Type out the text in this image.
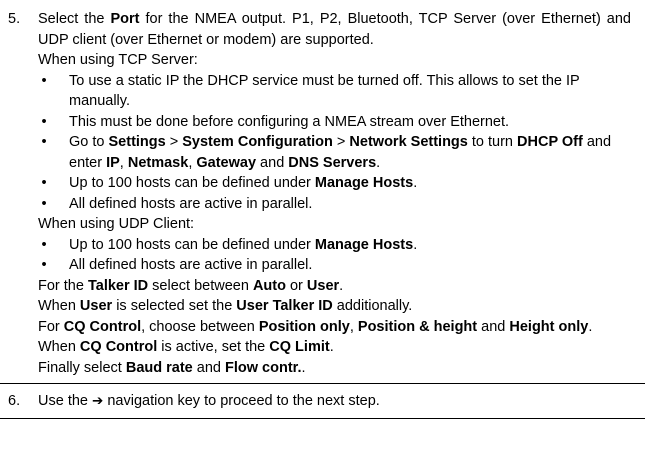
5.	Select the Port for the NMEA output. P1, P2, Bluetooth, TCP Server (over Ethernet) and UDP client (over Ethernet or modem) are supported.

When using TCP Server:

• To use a static IP the DHCP service must be turned off. This allows to set the IP manually.
• This must be done before configuring a NMEA stream over Ethernet.
• Go to Settings > System Configuration > Network Settings to turn DHCP Off and enter IP, Netmask, Gateway and DNS Servers.
• Up to 100 hosts can be defined under Manage Hosts.
• All defined hosts are active in parallel.

When using UDP Client:

• Up to 100 hosts can be defined under Manage Hosts.
• All defined hosts are active in parallel.

For the Talker ID select between Auto or User.

When User is selected set the User Talker ID additionally.

For CQ Control, choose between Position only, Position & height and Height only. When CQ Control is active, set the CQ Limit.

Finally select Baud rate and Flow contr..

6.	Use the ➔ navigation key to proceed to the next step.
